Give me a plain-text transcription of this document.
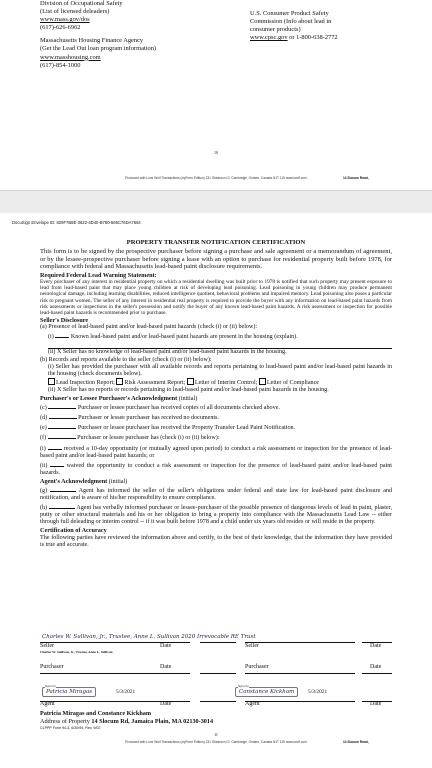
Division of Occupational Safety
(List of licensed deleaders)
www.mass.gov/dos
(617)-626-6962
Massachusetts Housing Finance Agency
(Get the Lead Out loan program information)
www.masshousing.com
(617)-854-1000
U.S. Consumer Product Safety
Commission (Info about lead in
consumer products)
www.cpsc.gov or 1-800-638-2772
10
Produced with Lone Wolf Transactions (zipForm Edition) 231 Shearson Cr. Cambridge, Ontario, Canada N1T 1J5 www.lwolf.com	14 Slocum Road,
DocuSign Envelope ID: 829F7B8E-3622-4D40-B780-566C76DA7664
PROPERTY TRANSFER NOTIFICATION CERTIFICATION
This form is to be signed by the prospective purchaser before signing a purchase and sale agreement or a memorandum of agreement, or by the lessee-prospective purchaser before signing a lease with an option to purchase for residential property built before 1978, for compliance with federal and Massachusetts lead-based paint disclosure requirements.
Required Federal Lead Warning Statement:
Every purchaser of any interest in residential property on which a residential dwelling was built prior to 1978 is notified that such property may present exposure to lead from lead-based paint that may place young children at risk of developing lead poisoning. Lead poisoning in young children may produce permanent neurological damage, including learning disabilities, reduced intelligence quotient, behavioral problems and impaired memory. Lead poisoning also poses a particular risk to pregnant women. The seller of any interest in residential real property is required to provide the buyer with any information on lead-based paint hazards from risk assessments or inspections in the seller's possession and notify the buyer of any known lead-based paint hazards. A risk assessment or inspection for possible lead-based paint hazards is recommended prior to purchase.
Seller's Disclosure
(a) Presence of lead-based paint and/or lead-based paint hazards (check (i) or (ii) below):
(i)	Known lead-based paint and/or lead-based paint hazards are present in the housing (explain).
(ii) X Seller has no knowledge of lead-based paint and/or lead-based paint hazards in the housing.
(b) Records and reports available to the seller (check (i) or (ii) below):
(i) Seller has provided the purchaser with all available records and reports pertaining to lead-based paint and/or lead-based paint hazards in the housing (check documents below).
Lead Inspection Report; Risk Assessment Report; Letter of Interim Control; Letter of Compliance
(ii) X Seller has no reports or records pertaining to lead-based paint and/or lead-based paint hazards in the housing.
Purchaser's or Lessee Purchaser's Acknowledgment (initial)
(c)	Purchaser or lessee purchaser has received copies of all documents checked above.
(d)	Purchaser or lessee purchaser has received no documents.
(e)	Purchaser or lessee purchaser has received the Property Transfer Lead Paint Notification.
(f)	Purchaser or lessee purchaser has (check (i) or (ii) below):
(i)	received a 10-day opportunity (or mutually agreed upon period) to conduct a risk assessment or inspection for the presence of lead-based paint and/or lead-based paint hazards; or
(ii)	waived the opportunity to conduct a risk assessment or inspection for the presence of lead-based paint and/or lead-based paint hazards.
Agent's Acknowledgment (initial)
(g)	Agent has informed the seller of the seller's obligations under federal and state law for lead-based paint disclosure and notification, and is aware of his/her responsibility to ensure compliance.
(h)	Agent has verbally informed purchaser or lessee-purchaser of the possible presence of dangerous levels of lead in paint, plaster, putty or other structural materials and his or her obligation to bring a property into compliance with the Massachusetts Lead Law -- either through full deleading or interim control -- if it was built before 1978 and a child under six years old resides or will reside in the property.
Certification of Accuracy
The following parties have reviewed the information above and certify, to the best of their knowledge, that the information they have provided is true and accurate.
Charles W. Sullivan, Jr., Trustee, Anne L. Sullivan 2020 Irrevocable RE Trust
Seller	Date	Seller	Date
Charles W. Sullivan, Jr., Trustee, Anne L. Sullivan
Purchaser	Date	Purchaser	Date
Signed by:
Patricia Miragas	5/3/2021
Signed by:
Constance Kickham	5/3/2021
Agent	Date	Agent	Date
Patricia Miragas and Constance Kickham
Address of Property 14 Slocum Rd, Jamaica Plain, MA 02130-3014
CLPPP Form 94-3, 6/30/94, Rev. 9/02
11
Produced with Lone Wolf Transactions (zipForm Edition) 231 Shearson Cr. Cambridge, Ontario, Canada N1T 1J5 www.lwolf.com	14 Slocum Road,
